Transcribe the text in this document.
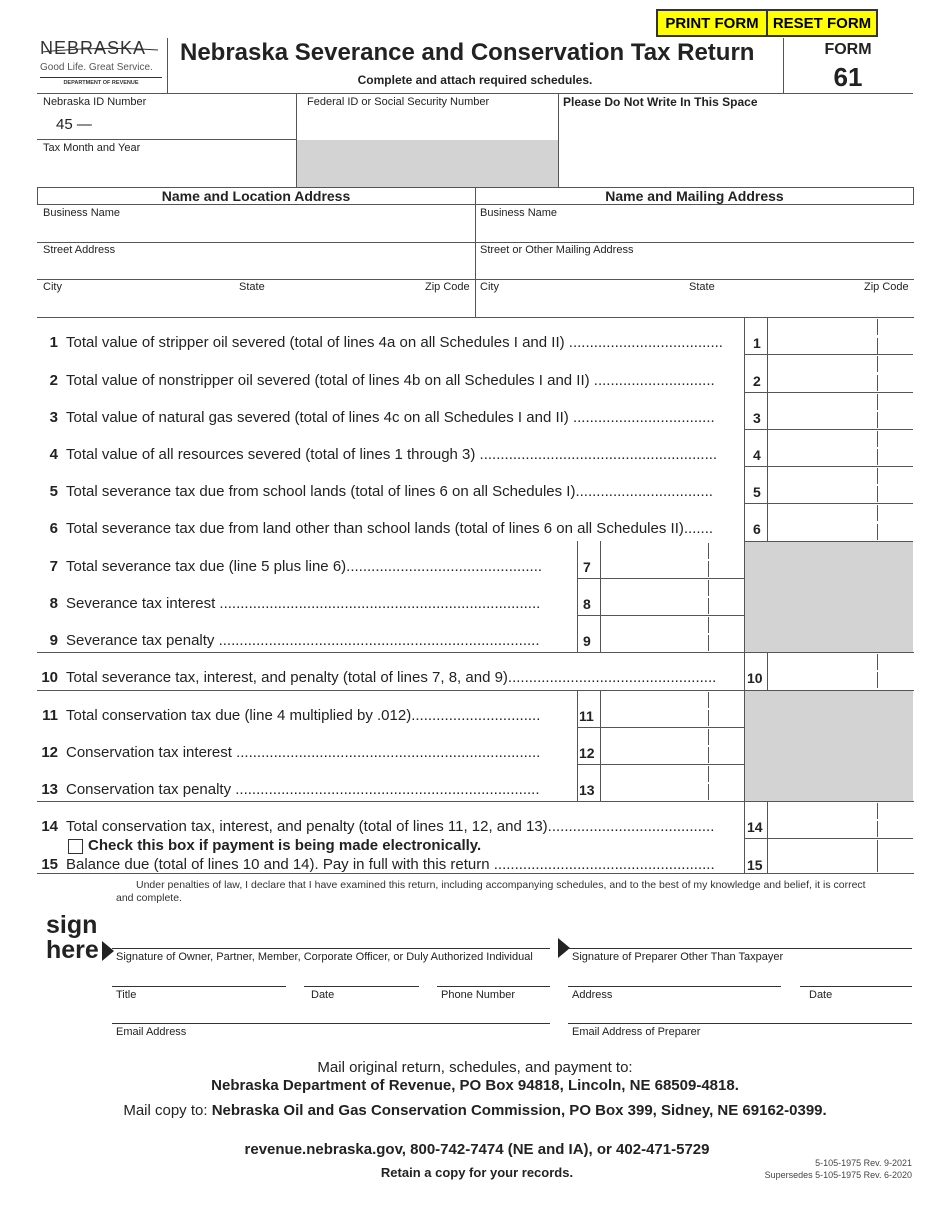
PRINT FORM RESET FORM
NEBRASKA
Good Life. Great Service.
DEPARTMENT OF REVENUE
Nebraska Severance and Conservation Tax Return
Complete and attach required schedules.
FORM
61
Nebraska ID Number
45 —
Federal ID or Social Security Number	Please Do Not Write In This Space
Tax Month and Year
Name and Location Address	Name and Mailing Address
Business Name	Business Name
Street Address	Street or Other Mailing Address
City	State	Zip Code City	State	Zip Code
1 Total value of stripper oil severed (total of lines 4a on all Schedules I and II) .....................................	1
2 Total value of nonstripper oil severed (total of lines 4b on all Schedules I and II) .............................	2
3 Total value of natural gas severed (total of lines 4c on all Schedules I and II) ..................................	3
4 Total value of all resources severed (total of lines 1 through 3) .........................................................	4
5 Total severance tax due from school lands (total of lines 6 on all Schedules I).................................	5
6 Total severance tax due from land other than school lands (total of lines 6 on all Schedules II).......	6
7 Total severance tax due (line 5 plus line 6)...............................................	7
8 Severance tax interest .............................................................................	8
9 Severance tax penalty .............................................................................	9
10 Total severance tax, interest, and penalty (total of lines 7, 8, and 9)..................................................	10
11 Total conservation tax due (line 4 multiplied by .012)...............................	11
12 Conservation tax interest .........................................................................	12
13 Conservation tax penalty .........................................................................	13
14 Total conservation tax, interest, and penalty (total of lines 11, 12, and 13)........................................	14
Check this box if payment is being made electronically.
15 Balance due (total of lines 10 and 14). Pay in full with this return .....................................................	15
Under penalties of law, I declare that I have examined this return, including accompanying schedules, and to the best of my knowledge and belief, it is correct and complete.
sign
here Signature of Owner, Partner, Member, Corporate Officer, or Duly Authorized Individual	Signature of Preparer Other Than Taxpayer
Title	Date	Phone Number	Address	Date
Email Address	Email Address of Preparer
Mail original return, schedules, and payment to:
Nebraska Department of Revenue, PO Box 94818, Lincoln, NE 68509-4818.
Mail copy to: Nebraska Oil and Gas Conservation Commission, PO Box 399, Sidney, NE 69162-0399.
revenue.nebraska.gov, 800-742-7474 (NE and IA), or 402-471-5729
Retain a copy for your records.
5-105-1975 Rev. 9-2021
Supersedes 5-105-1975 Rev. 6-2020
